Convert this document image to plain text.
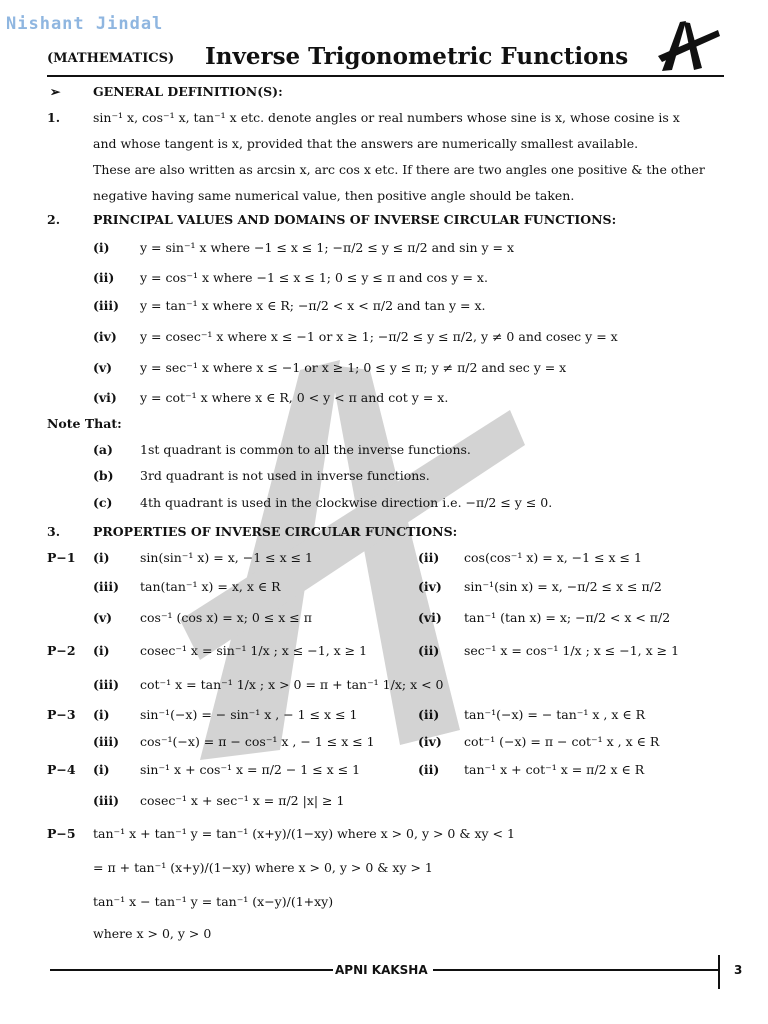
Nishant Jindal
(MATHEMATICS) Inverse Trigonometric Functions
➢	GENERAL DEFINITION(S):
1.	sin⁻¹ x, cos⁻¹ x, tan⁻¹ x etc. denote angles or real numbers whose sine is x, whose cosine is x
and whose tangent is x, provided that the answers are numerically smallest available.
These are also written as arcsin x, arc cos x etc. If there are two angles one positive & the other
negative having same numerical value, then positive angle should be taken.
2.	PRINCIPAL VALUES AND DOMAINS OF INVERSE CIRCULAR FUNCTIONS:
(i) y = sin⁻¹ x where −1 ≤ x ≤ 1; −π/2 ≤ y ≤ π/2 and sin y = x
(ii) y = cos⁻¹ x where −1 ≤ x ≤ 1; 0 ≤ y ≤ π and cos y = x.
(iii) y = tan⁻¹ x where x ∈ R; −π/2 < x < π/2 and tan y = x.
(iv) y = cosec⁻¹ x where x ≤ −1 or x ≥ 1; −π/2 ≤ y ≤ π/2, y ≠ 0 and cosec y = x
(v) y = sec⁻¹ x where x ≤ −1 or x ≥ 1; 0 ≤ y ≤ π; y ≠ π/2 and sec y = x
(vi) y = cot⁻¹ x where x ∈ R, 0 < y < π and cot y = x.
Note That:
(a) 1st quadrant is common to all the inverse functions.
(b) 3rd quadrant is not used in inverse functions.
(c) 4th quadrant is used in the clockwise direction i.e. −π/2 ≤ y ≤ 0.
3.	PROPERTIES OF INVERSE CIRCULAR FUNCTIONS:
P−1 (i) sin(sin⁻¹ x) = x, −1 ≤ x ≤ 1	(ii) cos(cos⁻¹ x) = x, −1 ≤ x ≤ 1
(iii) tan(tan⁻¹ x) = x, x ∈ R	(iv) sin⁻¹(sin x) = x, −π/2 ≤ x ≤ π/2
(v) cos⁻¹ (cos x) = x; 0 ≤ x ≤ π	(vi) tan⁻¹ (tan x) = x; −π/2 < x < π/2
P−2 (i) cosec⁻¹ x = sin⁻¹ 1/x ; x ≤ −1, x ≥ 1	(ii) sec⁻¹ x = cos⁻¹ 1/x ; x ≤ −1, x ≥ 1
(iii) cot⁻¹ x = tan⁻¹ 1/x ; x > 0 = π + tan⁻¹ 1/x; x < 0
P−3 (i) sin⁻¹(−x) = − sin⁻¹ x , − 1 ≤ x ≤ 1	(ii) tan⁻¹(−x) = − tan⁻¹ x , x ∈ R
(iii) cos⁻¹(−x) = π − cos⁻¹ x , − 1 ≤ x ≤ 1	(iv) cot⁻¹ (−x) = π − cot⁻¹ x , x ∈ R
P−4 (i) sin⁻¹ x + cos⁻¹ x = π/2 − 1 ≤ x ≤ 1	(ii) tan⁻¹ x + cot⁻¹ x = π/2 x ∈ R
(iii) cosec⁻¹ x + sec⁻¹ x = π/2 |x| ≥ 1
P−5 tan⁻¹ x + tan⁻¹ y = tan⁻¹ (x+y)/(1−xy) where x > 0, y > 0 & xy < 1
= π + tan⁻¹ (x+y)/(1−xy) where x > 0, y > 0 & xy > 1
tan⁻¹ x − tan⁻¹ y = tan⁻¹ (x−y)/(1+xy)
where x > 0, y > 0
APNI KAKSHA	3
